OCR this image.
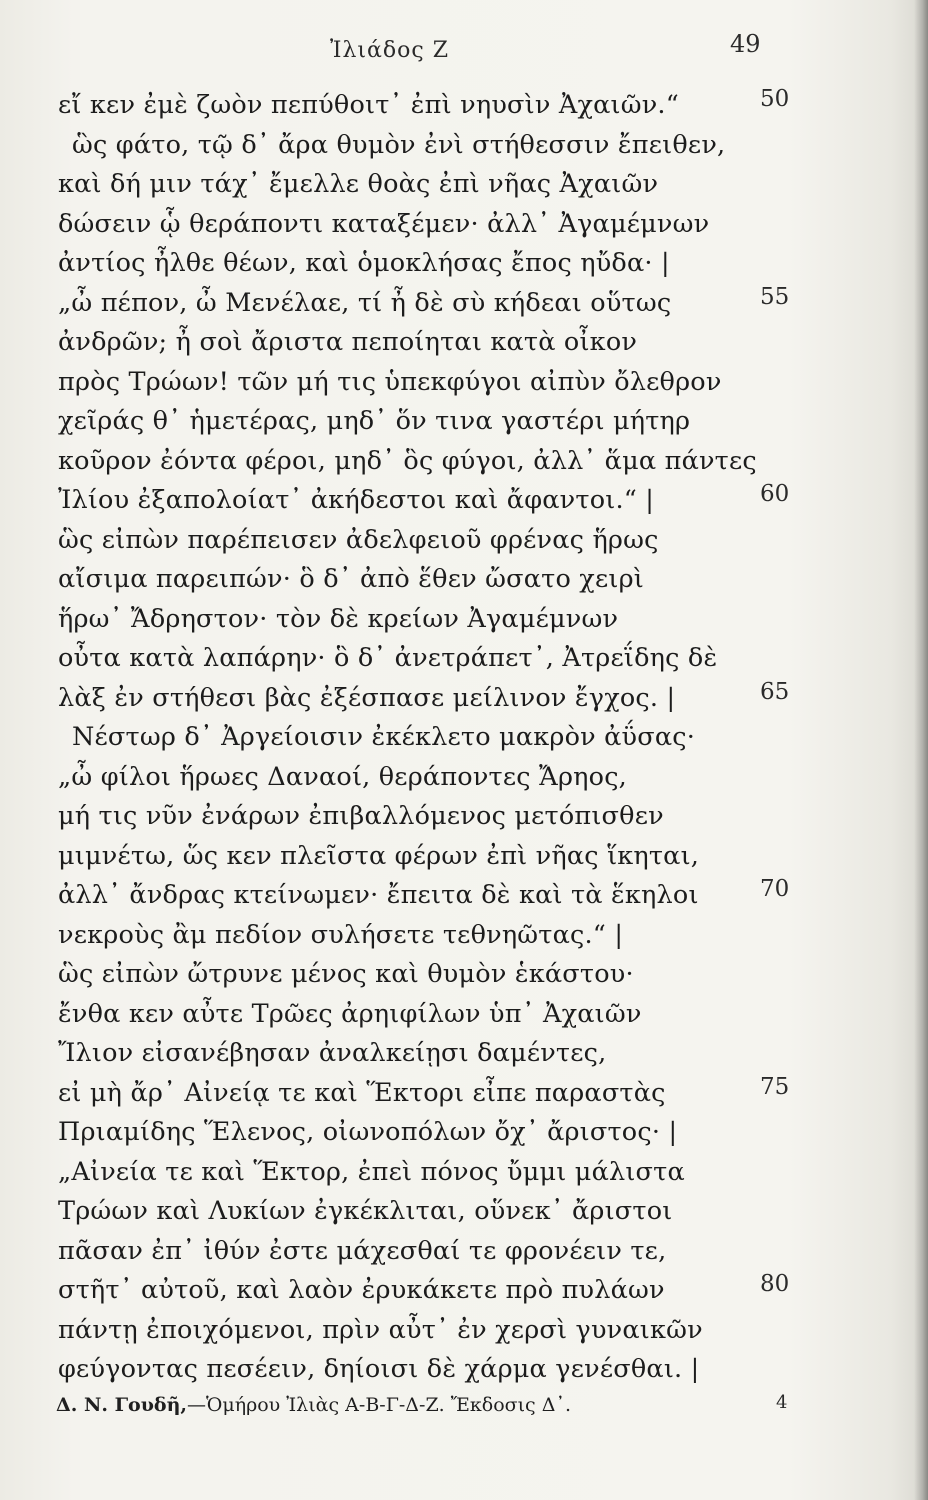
Ἰλιάδος Ζ	49
εἴ κεν ἐμὲ ζωὸν πεπύθοιτ᾽ ἐπὶ νηυσὶν Ἀχαιῶν.“	50
ὣς φάτο, τῷ δ᾽ ἄρα θυμὸν ἐνὶ στήθεσσιν ἔπειθεν,
καὶ δή μιν τάχ᾽ ἔμελλε θοὰς ἐπὶ νῆας Ἀχαιῶν
δώσειν ᾧ θεράποντι καταξέμεν· ἀλλ᾽ Ἀγαμέμνων
ἀντίος ἦλθε θέων, καὶ ὁμοκλήσας ἔπος ηὔδα· |
„ὦ πέπον, ὦ Μενέλαε, τί ἦ δὲ σὺ κήδεαι οὕτως	55
ἀνδρῶν; ἦ σοὶ ἄριστα πεποίηται κατὰ οἶκον
πρὸς Τρώων! τῶν μή τις ὑπεκφύγοι αἰπὺν ὄλεθρον
χεῖράς θ᾽ ἡμετέρας, μηδ᾽ ὅν τινα γαστέρι μήτηρ
κοῦρον ἐόντα φέροι, μηδ᾽ ὃς φύγοι, ἀλλ᾽ ἅμα πάντες
Ἰλίου ἐξαπολοίατ᾽ ἀκήδεστοι καὶ ἄφαντοι.“ |	60
ὣς εἰπὼν παρέπεισεν ἀδελφειοῦ φρένας ἥρως
αἴσιμα παρειπών· ὃ δ᾽ ἀπὸ ἕθεν ὤσατο χειρὶ
ἥρω᾽ Ἄδρηστον· τὸν δὲ κρείων Ἀγαμέμνων
οὖτα κατὰ λαπάρην· ὃ δ᾽ ἀνετράπετ᾽, Ἀτρεΐδης δὲ
λὰξ ἐν στήθεσι βὰς ἐξέσπασε μείλινον ἔγχος. |	65
Νέστωρ δ᾽ Ἀργείοισιν ἐκέκλετο μακρὸν ἀΰσας·
„ὦ φίλοι ἥρωες Δαναοί, θεράποντες Ἄρηος,
μή τις νῦν ἐνάρων ἐπιβαλλόμενος μετόπισθεν
μιμνέτω, ὥς κεν πλεῖστα φέρων ἐπὶ νῆας ἵκηται,
ἀλλ᾽ ἄνδρας κτείνωμεν· ἔπειτα δὲ καὶ τὰ ἕκηλοι	70
νεκροὺς ἂμ πεδίον συλήσετε τεθνηῶτας.“ |
ὣς εἰπὼν ὤτρυνε μένος καὶ θυμὸν ἑκάστου·
ἔνθα κεν αὖτε Τρῶες ἀρηιφίλων ὑπ᾽ Ἀχαιῶν
Ἴλιον εἰσανέβησαν ἀναλκείῃσι δαμέντες,
εἰ μὴ ἄρ᾽ Αἰνείᾳ τε καὶ Ἕκτορι εἶπε παραστὰς	75
Πριαμίδης Ἕλενος, οἰωνοπόλων ὄχ᾽ ἄριστος· |
„Αἰνεία τε καὶ Ἕκτορ, ἐπεὶ πόνος ὔμμι μάλιστα
Τρώων καὶ Λυκίων ἐγκέκλιται, οὕνεκ᾽ ἄριστοι
πᾶσαν ἐπ᾽ ἰθύν ἐστε μάχεσθαί τε φρονέειν τε,
στῆτ᾽ αὐτοῦ, καὶ λαὸν ἐρυκάκετε πρὸ πυλάων	80
πάντῃ ἐποιχόμενοι, πρὶν αὖτ᾽ ἐν χερσὶ γυναικῶν
φεύγοντας πεσέειν, δηίοισι δὲ χάρμα γενέσθαι. |
Δ. Ν. Γουδῆ,—Ὁμήρου Ἰλιὰς Α-Β-Γ-Δ-Ζ. Ἔκδοσις Δ᾽.	4
